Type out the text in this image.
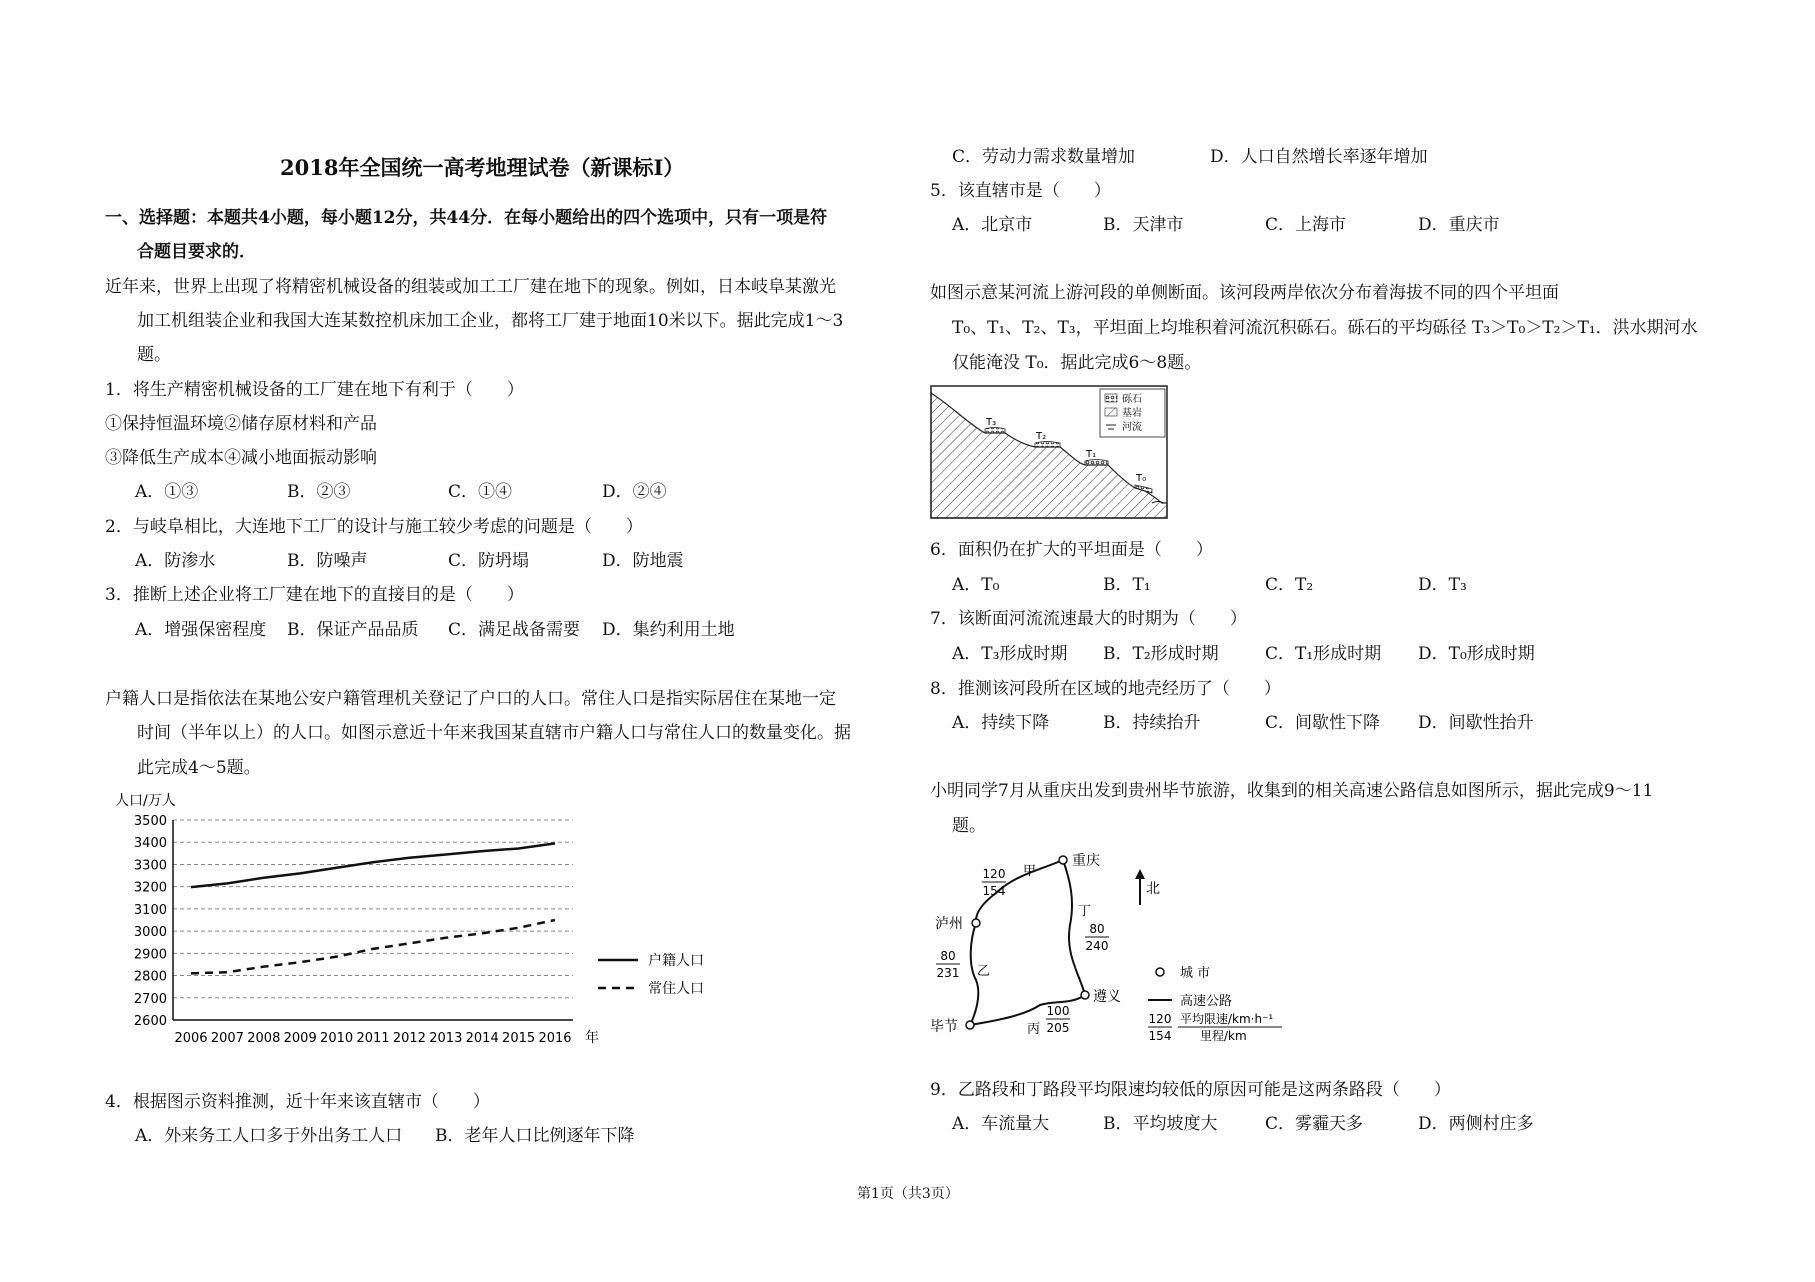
2018年全国统一高考地理试卷（新课标Ⅰ）
一、选择题：本题共4小题，每小题12分，共44分．在每小题给出的四个选项中，只有一项是符
合题目要求的．
近年来，世界上出现了将精密机械设备的组装或加工工厂建在地下的现象。例如，日本岐阜某激光
加工机组装企业和我国大连某数控机床加工企业，都将工厂建于地面10米以下。据此完成1～3
题。
1．将生产精密机械设备的工厂建在地下有利于（　　）
①保持恒温环境②储存原材料和产品
③降低生产成本④减小地面振动影响
A．①③	B．②③	C．①④	D．②④
2．与岐阜相比，大连地下工厂的设计与施工较少考虑的问题是（　　）
A．防渗水	B．防噪声	C．防坍塌	D．防地震
3．推断上述企业将工厂建在地下的直接目的是（　　）
A．增强保密程度 B．保证产品品质 C．满足战备需要 D．集约利用土地
户籍人口是指依法在某地公安户籍管理机关登记了户口的人口。常住人口是指实际居住在某地一定
时间（半年以上）的人口。如图示意近十年来我国某直辖市户籍人口与常住人口的数量变化。据
此完成4～5题。
人口/万人
2600
2700
2800
2900
3000
3100
3200
3300
3400
3500
2006 2007 2008 2009 2010 2011 2012 2013 2014 2015 2016 年
户籍人口
常住人口
4．根据图示资料推测，近十年来该直辖市（　　）
A．外来务工人口多于外出务工人口 B．老年人口比例逐年下降
C．劳动力需求数量增加	D．人口自然增长率逐年增加
5．该直辖市是（　　）
A．北京市	B．天津市	C．上海市	D．重庆市
如图示意某河流上游河段的单侧断面。该河段两岸依次分布着海拔不同的四个平坦面
T₀、T₁、T₂、T₃，平坦面上均堆积着河流沉积砾石。砾石的平均砾径 T₃＞T₀＞T₂＞T₁．洪水期河水
仅能淹没 T₀．据此完成6～8题。
T₃
T₂
T₁
T₀
砾石
基岩
河流
6．面积仍在扩大的平坦面是（　　）
A．T₀	B．T₁	C．T₂	D．T₃
7．该断面河流流速最大的时期为（　　）
A．T₃形成时期 B．T₂形成时期	C．T₁形成时期 D．T₀形成时期
8．推测该河段所在区域的地壳经历了（　　）
A．持续下降	B．持续抬升	C．间歇性下降 D．间歇性抬升
小明同学7月从重庆出发到贵州毕节旅游，收集到的相关高速公路信息如图所示，据此完成9～11
题。
重庆
泸州
毕节
遵义
甲
乙
丙
丁
120
154
80
231
100
205
80
240
北
城 市
高速公路
120
154
平均限速/km·h⁻¹
里程/km
9．乙路段和丁路段平均限速均较低的原因可能是这两条路段（　　）
A．车流量大	B．平均坡度大	C．雾霾天多	D．两侧村庄多
第1页（共3页）
